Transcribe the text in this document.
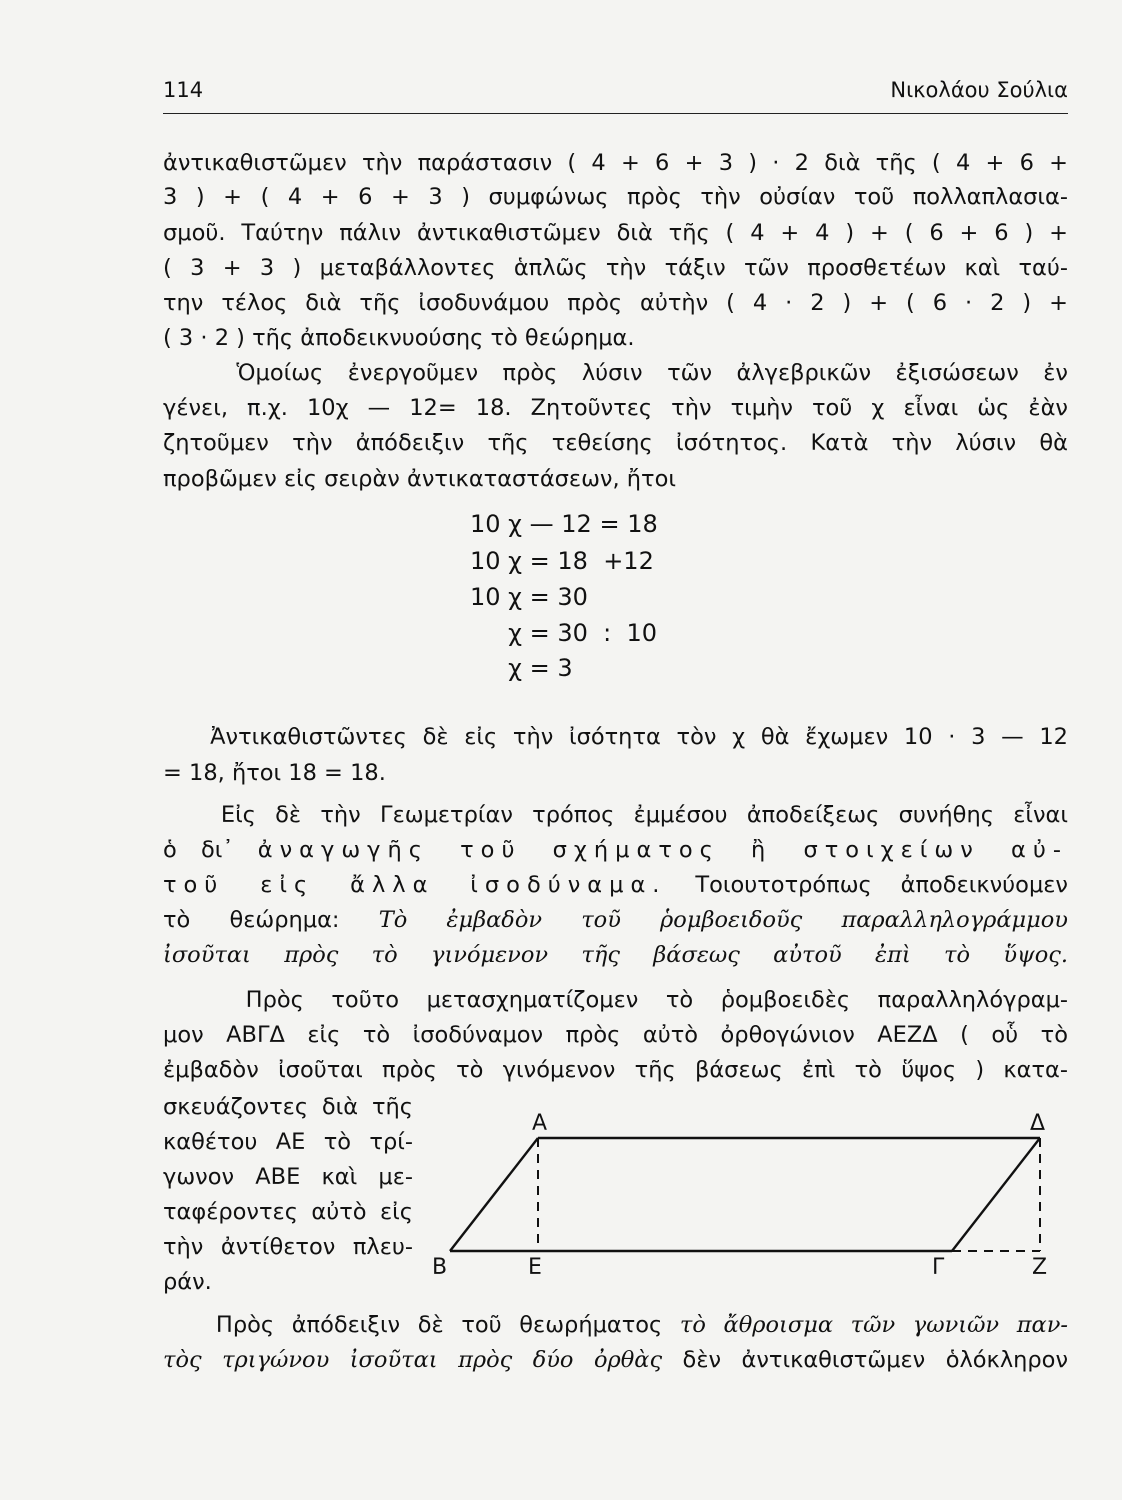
114	Νικολάου Σούλια
ἀντικαθιστῶμεν τὴν παράστασιν ( 4 + 6 + 3 ) · 2 διὰ τῆς ( 4 + 6 +
3 ) + ( 4 + 6 + 3 ) συμφώνως πρὸς τὴν οὐσίαν τοῦ πολλαπλασια-
σμοῦ. Ταύτην πάλιν ἀντικαθιστῶμεν διὰ τῆς ( 4 + 4 ) + ( 6 + 6 ) +
( 3 + 3 ) μεταβάλλοντες ἁπλῶς τὴν τάξιν τῶν προσθετέων καὶ ταύ-
την τέλος διὰ τῆς ἰσοδυνάμου πρὸς αὐτὴν ( 4 · 2 ) + ( 6 · 2 ) +
( 3 · 2 ) τῆς ἀποδεικνυούσης τὸ θεώρημα.
Ὁμοίως ἐνεργοῦμεν πρὸς λύσιν τῶν ἀλγεβρικῶν ἐξισώσεων ἐν
γένει, π.χ. 10χ — 12= 18. Ζητοῦντες τὴν τιμὴν τοῦ χ εἶναι ὡς ἐὰν
ζητοῦμεν τὴν ἀπόδειξιν τῆς τεθείσης ἰσότητος. Κατὰ τὴν λύσιν θὰ
προβῶμεν εἰς σειρὰν ἀντικαταστάσεων, ἤτοι
10 χ — 12 = 18
10 χ = 18  +12
10 χ = 30
χ = 30  :  10
χ = 3
Ἀντικαθιστῶντες δὲ εἰς τὴν ἰσότητα τὸν χ θὰ ἔχωμεν 10 · 3 — 12
= 18, ἤτοι 18 = 18.
Εἰς δὲ τὴν Γεωμετρίαν τρόπος ἐμμέσου ἀποδείξεως συνήθης εἶναι
ὁ δι᾿ ἀναγωγῆς τοῦ σχήματος ἢ στοιχείων αὐ-
τοῦ εἰς ἄλλα ἰσοδύναμα. Τοιουτοτρόπως ἀποδεικνύομεν
τὸ θεώρημα: Τὸ ἐμβαδὸν τοῦ ῥομβοειδοῦς παραλληλογράμμου
ἰσοῦται πρὸς τὸ γινόμενον τῆς βάσεως αὐτοῦ ἐπὶ τὸ ὕψος.
Πρὸς τοῦτο μετασχηματίζομεν τὸ ῥομβοειδὲς παραλληλόγραμ-
μον ΑΒΓΔ εἰς τὸ ἰσοδύναμον πρὸς αὐτὸ ὀρθογώνιον ΑΕΖΔ ( οὗ τὸ
ἐμβαδὸν ἰσοῦται πρὸς τὸ γινόμενον τῆς βάσεως ἐπὶ τὸ ὕψος ) κατα-
σκευάζοντες διὰ τῆς
καθέτου ΑΕ τὸ τρί-
γωνον ΑΒΕ καὶ με-
ταφέροντες αὐτὸ εἰς
τὴν ἀντίθετον πλευ-
ράν.
Α	Δ
Β	Ε	Γ	Ζ
Πρὸς ἀπόδειξιν δὲ τοῦ θεωρήματος τὸ ἄθροισμα τῶν γωνιῶν παν-
τὸς τριγώνου ἰσοῦται πρὸς δύο ὀρθὰς δὲν ἀντικαθιστῶμεν ὁλόκληρον
